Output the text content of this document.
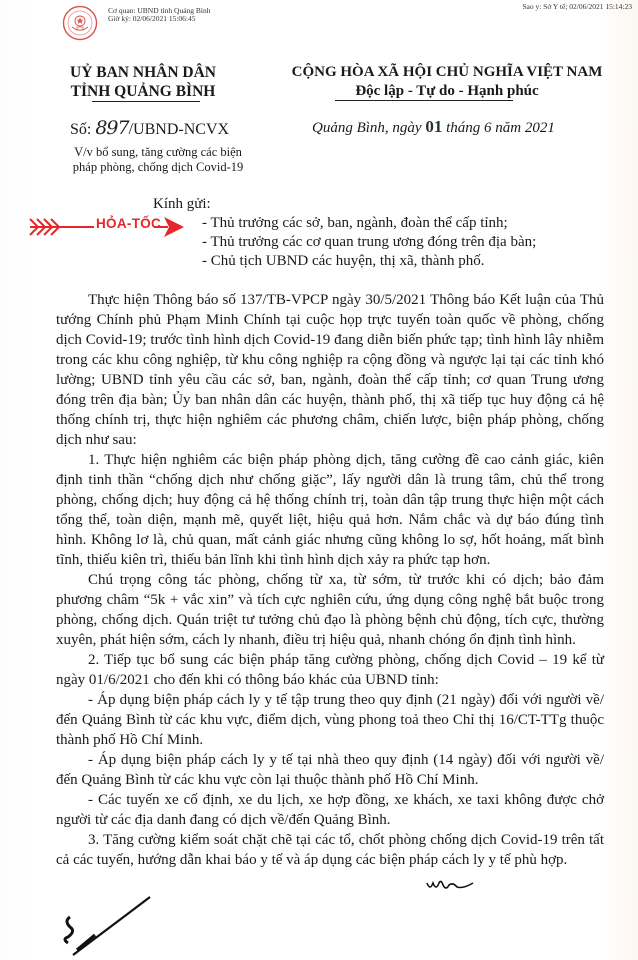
Cơ quan: UBND tỉnh Quảng Bình
Giờ ký: 02/06/2021 15:06:45
Sao y: Sở Y tế; 02/06/2021 15:14:23
UỶ BAN NHÂN DÂN
TỈNH QUẢNG BÌNH
Số: 897/UBND-NCVX
V/v bổ sung, tăng cường các biện
pháp phòng, chống dịch Covid-19
CỘNG HÒA XÃ HỘI CHỦ NGHĨA VIỆT NAM
Độc lập - Tự do - Hạnh phúc
Quảng Bình, ngày 01 tháng 6 năm 2021
HỎA-TỐC
Kính gửi:
- Thủ trưởng các sở, ban, ngành, đoàn thể cấp tỉnh;
- Thủ trưởng các cơ quan trung ương đóng trên địa bàn;
- Chủ tịch UBND các huyện, thị xã, thành phố.

Thực hiện Thông báo số 137/TB-VPCP ngày 30/5/2021 Thông báo Kết luận của Thủ tướng Chính phủ Phạm Minh Chính tại cuộc họp trực tuyến toàn quốc về phòng, chống dịch Covid-19; trước tình hình dịch Covid-19 đang diễn biến phức tạp; tình hình lây nhiễm trong các khu công nghiệp, từ khu công nghiệp ra cộng đồng và ngược lại tại các tỉnh khó lường; UBND tỉnh yêu cầu các sở, ban, ngành, đoàn thể cấp tỉnh; cơ quan Trung ương đóng trên địa bàn; Ủy ban nhân dân các huyện, thành phố, thị xã tiếp tục huy động cả hệ thống chính trị, thực hiện nghiêm các phương châm, chiến lược, biện pháp phòng, chống dịch như sau:

1. Thực hiện nghiêm các biện pháp phòng dịch, tăng cường đề cao cảnh giác, kiên định tinh thần “chống dịch như chống giặc”, lấy người dân là trung tâm, chủ thể trong phòng, chống dịch; huy động cả hệ thống chính trị, toàn dân tập trung thực hiện một cách tổng thể, toàn diện, mạnh mẽ, quyết liệt, hiệu quả hơn. Nắm chắc và dự báo đúng tình hình. Không lơ là, chủ quan, mất cảnh giác nhưng cũng không lo sợ, hốt hoảng, mất bình tĩnh, thiếu kiên trì, thiếu bản lĩnh khi tình hình dịch xảy ra phức tạp hơn.

Chú trọng công tác phòng, chống từ xa, từ sớm, từ trước khi có dịch; bảo đảm phương châm “5k + vắc xin” và tích cực nghiên cứu, ứng dụng công nghệ bắt buộc trong phòng, chống dịch. Quán triệt tư tưởng chủ đạo là phòng bệnh chủ động, tích cực, thường xuyên, phát hiện sớm, cách ly nhanh, điều trị hiệu quả, nhanh chóng ổn định tình hình.

2. Tiếp tục bổ sung các biện pháp tăng cường phòng, chống dịch Covid – 19 kể từ ngày 01/6/2021 cho đến khi có thông báo khác của UBND tỉnh:

- Áp dụng biện pháp cách ly y tế tập trung theo quy định (21 ngày) đối với người về/đến Quảng Bình từ các khu vực, điểm dịch, vùng phong toả theo Chỉ thị 16/CT-TTg thuộc thành phố Hồ Chí Minh.

- Áp dụng biện pháp cách ly y tế tại nhà theo quy định (14 ngày) đối với người về/đến Quảng Bình từ các khu vực còn lại thuộc thành phố Hồ Chí Minh.

- Các tuyến xe cố định, xe du lịch, xe hợp đồng, xe khách, xe taxi không được chở người từ các địa danh đang có dịch về/đến Quảng Bình.

3. Tăng cường kiểm soát chặt chẽ tại các tổ, chốt phòng chống dịch Covid-19 trên tất cả các tuyến, hướng dẫn khai báo y tế và áp dụng các biện pháp cách ly y tế phù hợp.
